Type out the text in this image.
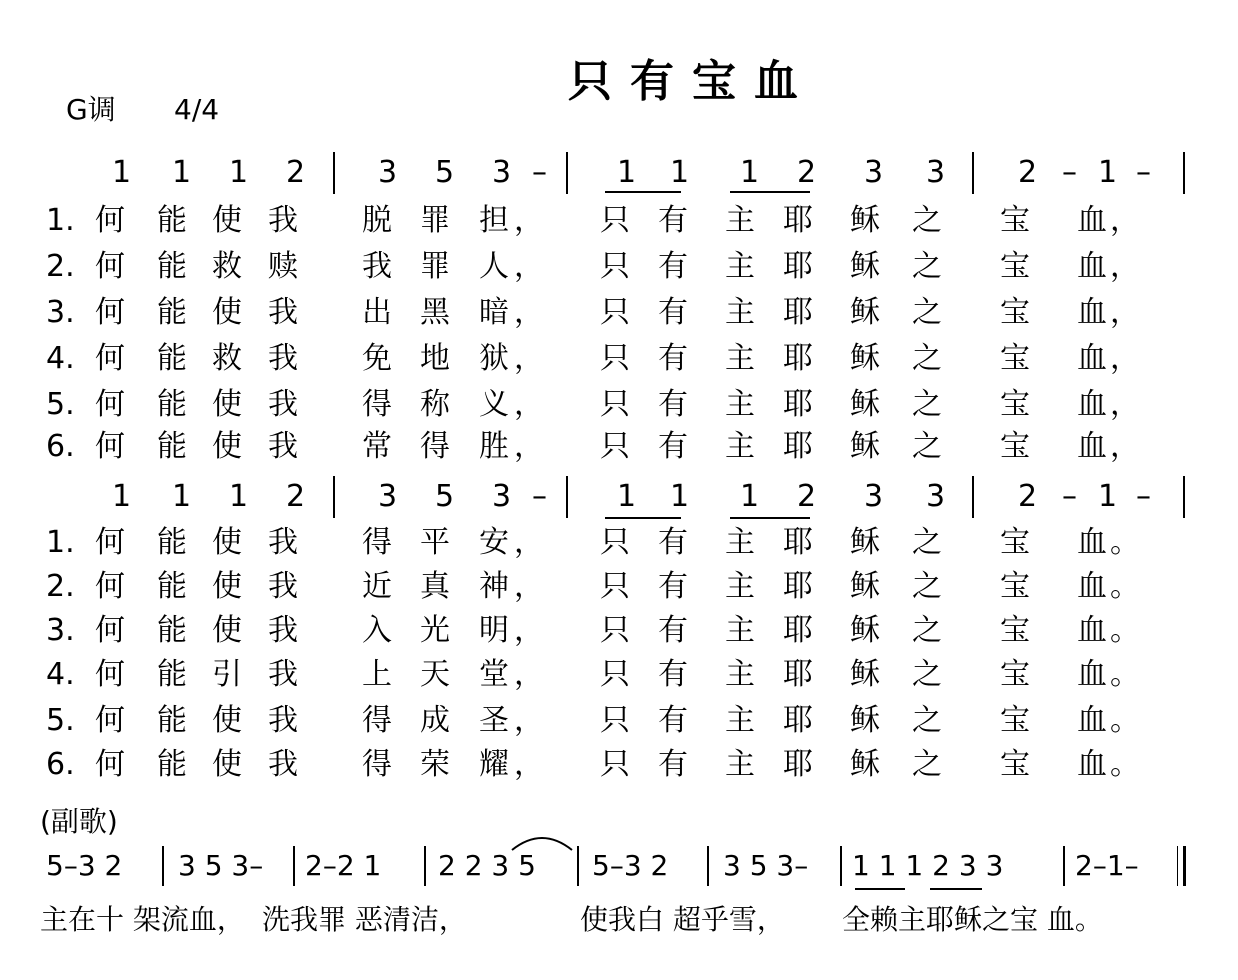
只有宝血
G调 4/4
1 1 1 2 3 5 3 – 1 1 1 2 3 3 2 – 1 –
1 1 1 2 3 5 3 – 1 1 1 2 3 3 2 – 1 –
1. 何 能 使 我 脱 罪 担 ， 只 有 主 耶 稣 之 宝 血 ，
2. 何 能 救 赎 我 罪 人 ， 只 有 主 耶 稣 之 宝 血 ，
3. 何 能 使 我 出 黑 暗 ， 只 有 主 耶 稣 之 宝 血 ，
4. 何 能 救 我 免 地 狱 ， 只 有 主 耶 稣 之 宝 血 ，
5. 何 能 使 我 得 称 义 ， 只 有 主 耶 稣 之 宝 血 ，
6. 何 能 使 我 常 得 胜 ， 只 有 主 耶 稣 之 宝 血 ，
1. 何 能 使 我 得 平 安 ， 只 有 主 耶 稣 之 宝 血 。
2. 何 能 使 我 近 真 神 ， 只 有 主 耶 稣 之 宝 血 。
3. 何 能 使 我 入 光 明 ， 只 有 主 耶 稣 之 宝 血 。
4. 何 能 引 我 上 天 堂 ， 只 有 主 耶 稣 之 宝 血 。
5. 何 能 使 我 得 成 圣 ， 只 有 主 耶 稣 之 宝 血 。
6. 何 能 使 我 得 荣 耀 ， 只 有 主 耶 稣 之 宝 血 。
(副歌)
5–3 2 3 5 3– 2–2 1 2 2 3 5 5–3 2 3 5 3– 1 1 1 2 3 3	2–1–
主在十 架流血， 洗我罪 恶清洁，	使我白 超乎雪， 全赖主耶稣之宝 血。
